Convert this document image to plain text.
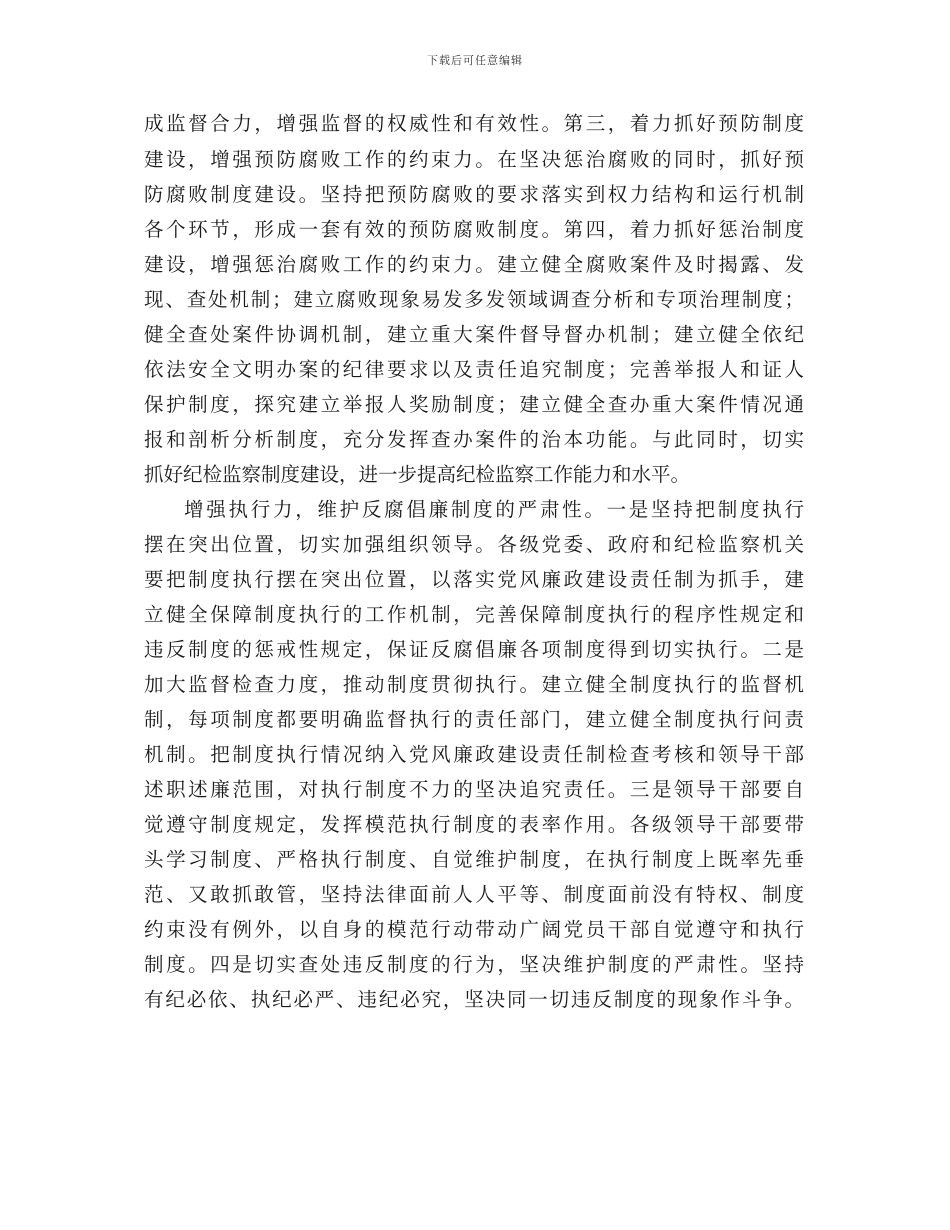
下载后可任意编辑
成监督合力，增强监督的权威性和有效性。第三，着力抓好预防制度
建设，增强预防腐败工作的约束力。在坚决惩治腐败的同时，抓好预
防腐败制度建设。坚持把预防腐败的要求落实到权力结构和运行机制
各个环节，形成一套有效的预防腐败制度。第四，着力抓好惩治制度
建设，增强惩治腐败工作的约束力。建立健全腐败案件及时揭露、发
现、查处机制；建立腐败现象易发多发领域调查分析和专项治理制度；
健全查处案件协调机制，建立重大案件督导督办机制；建立健全依纪
依法安全文明办案的纪律要求以及责任追究制度；完善举报人和证人
保护制度，探究建立举报人奖励制度；建立健全查办重大案件情况通
报和剖析分析制度，充分发挥查办案件的治本功能。与此同时，切实
抓好纪检监察制度建设，进一步提高纪检监察工作能力和水平。
增强执行力，维护反腐倡廉制度的严肃性。一是坚持把制度执行
摆在突出位置，切实加强组织领导。各级党委、政府和纪检监察机关
要把制度执行摆在突出位置，以落实党风廉政建设责任制为抓手，建
立健全保障制度执行的工作机制，完善保障制度执行的程序性规定和
违反制度的惩戒性规定，保证反腐倡廉各项制度得到切实执行。二是
加大监督检查力度，推动制度贯彻执行。建立健全制度执行的监督机
制，每项制度都要明确监督执行的责任部门，建立健全制度执行问责
机制。把制度执行情况纳入党风廉政建设责任制检查考核和领导干部
述职述廉范围，对执行制度不力的坚决追究责任。三是领导干部要自
觉遵守制度规定，发挥模范执行制度的表率作用。各级领导干部要带
头学习制度、严格执行制度、自觉维护制度，在执行制度上既率先垂
范、又敢抓敢管，坚持法律面前人人平等、制度面前没有特权、制度
约束没有例外，以自身的模范行动带动广阔党员干部自觉遵守和执行
制度。四是切实查处违反制度的行为，坚决维护制度的严肃性。坚持
有纪必依、执纪必严、违纪必究，坚决同一切违反制度的现象作斗争。
